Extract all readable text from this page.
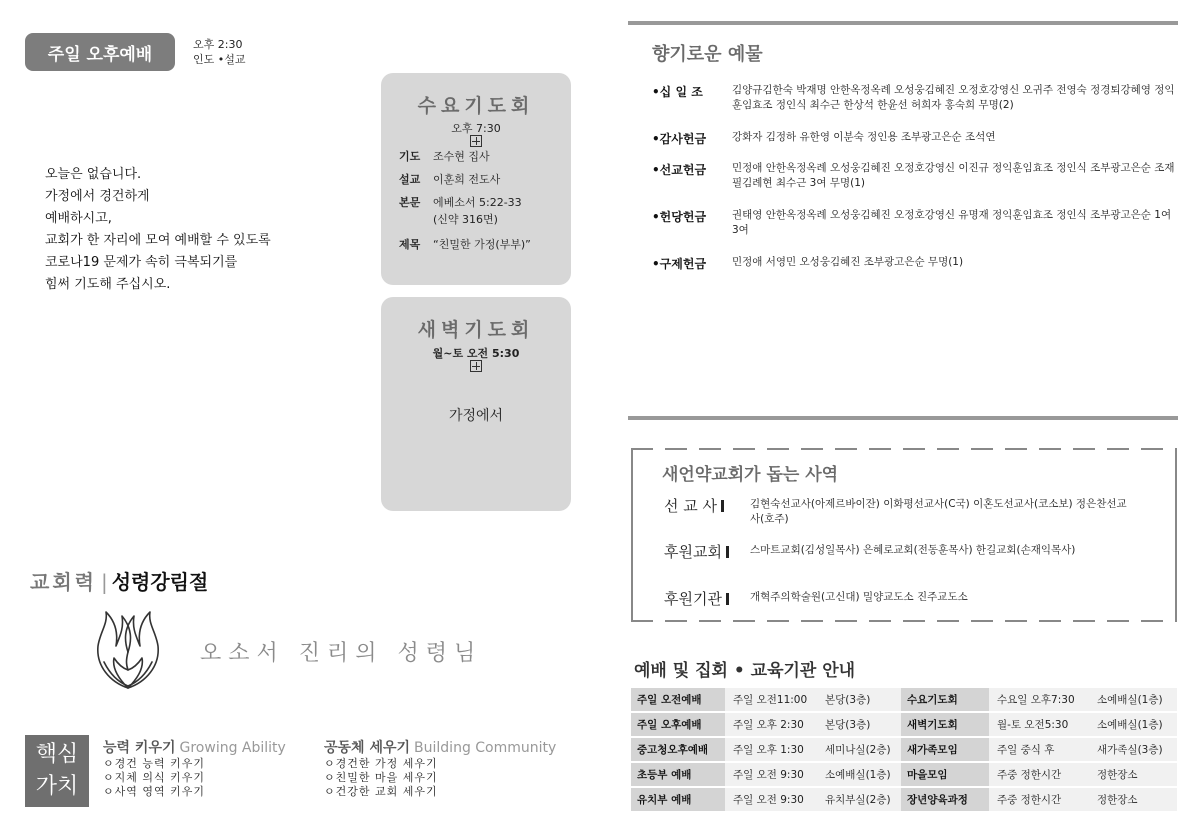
주일 오후예배	오후 2:30
인도 •설교
오늘은 없습니다.
가정에서 경건하게
예배하시고,
교회가 한 자리에 모여 예배할 수 있도록
코로나19 문제가 속히 극복되기를
힘써 기도해 주십시오.
수요기도회
오후 7:30
기도 조수현 집사
설교 이훈희 전도사
본문 에베소서 5:22-33
(신약 316면)
제목 “친밀한 가정(부부)”
새벽기도회
월~토 오전 5:30
가정에서
교회력 | 성령강림절
오소서 진리의 성령님
핵심
가치
능력 키우기 Growing Ability
ㅇ경건 능력 키우기
ㅇ지체 의식 키우기
ㅇ사역 영역 키우기
공동체 세우기 Building Community
ㅇ경건한 가정 세우기
ㅇ친밀한 마을 세우기
ㅇ건강한 교회 세우기
향기로운 예물
•십 일 조	김양규김한숙 박재명 안한옥정옥례 오성웅김혜진 오정호강영신 오귀주 전영숙 정경퇴강혜영 정익훈임효조 정인식 최수근 한상석 한윤선 허희자 홍숙희 무명(2)
•감사헌금	강화자 김정하 유한영 이분숙 정인용 조부광고은순 조석연
•선교헌금	민정애 안한옥정옥례 오성웅김혜진 오정호강영신 이진규 정익훈임효조 정인식 조부광고은순 조재필김례현 최수근 3여 무명(1)
•헌당헌금	권태영 안한옥정옥례 오성웅김혜진 오정호강영신 유명재 정익훈임효조 정인식 조부광고은순 1여 3여
•구제헌금	민정애 서영민 오성웅김혜진 조부광고은순 무명(1)
새언약교회가 돕는 사역
선 교 사	김현숙선교사(아제르바이잔) 이화평선교사(C국) 이혼도선교사(코소보) 정은찬선교사(호주)
후원교회	스마트교회(김성일목사) 은혜로교회(전동훈목사) 한길교회(손재익목사)
후원기관	개혁주의학술원(고신대) 밀양교도소 진주교도소
예배 및 집회 • 교육기관 안내
주일 오전예배	주일 오전11:00	본당(3층)	수요기도회	수요일 오후7:30	소예배실(1층)
주일 오후예배	주일 오후 2:30	본당(3층)	새벽기도회	월-토 오전5:30	소예배실(1층)
중고청오후예배	주일 오후 1:30	세미나실(2층)	새가족모임	주일 중식 후	새가족실(3층)
초등부 예배	주일 오전 9:30	소예배실(1층)	마을모임	주중 정한시간	정한장소
유치부 예배	주일 오전 9:30	유치부실(2층)	장년양육과정	주중 정한시간	정한장소
